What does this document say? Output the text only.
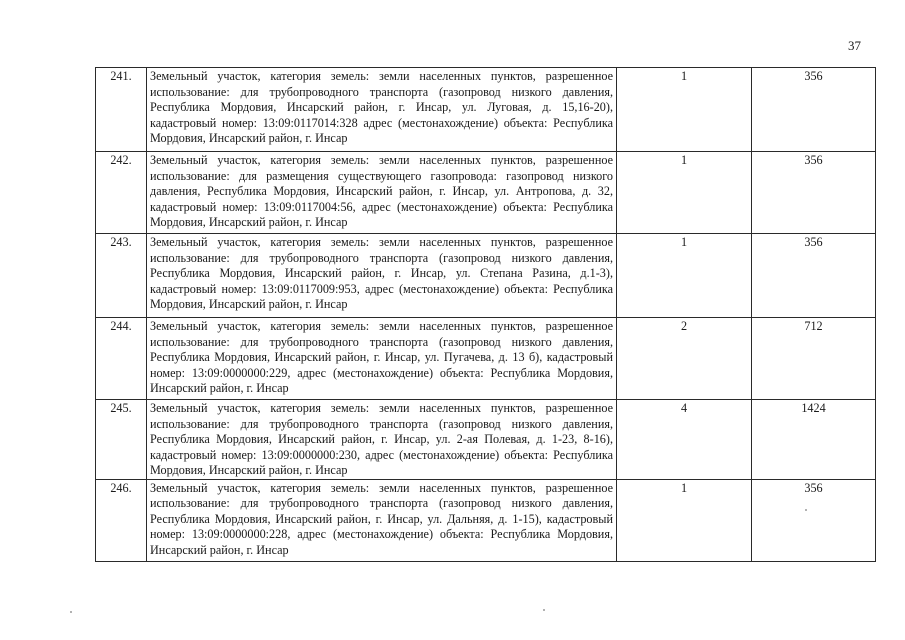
37
241.	Земельный участок, категория земель: земли населенных пунктов, разрешенное использование: для трубопроводного транспорта (газопровод низкого давления, Республика Мордовия, Инсарский район, г. Инсар, ул. Луговая, д. 15,16-20), кадастровый номер: 13:09:0117014:328 адрес (местонахождение) объекта: Республика Мордовия, Инсарский район, г. Инсар	1	356
242.	Земельный участок, категория земель: земли населенных пунктов, разрешенное использование: для размещения существующего газопровода: газопровод низкого давления, Республика Мордовия, Инсарский район, г. Инсар, ул. Антропова, д. 32, кадастровый номер: 13:09:0117004:56, адрес (местонахождение) объекта: Республика Мордовия, Инсарский район, г. Инсар	1	356
243.	Земельный участок, категория земель: земли населенных пунктов, разрешенное использование: для трубопроводного транспорта (газопровод низкого давления, Республика Мордовия, Инсарский район, г. Инсар, ул. Степана Разина, д.1-3), кадастровый номер: 13:09:0117009:953, адрес (местонахождение) объекта: Республика Мордовия, Инсарский район, г. Инсар	1	356
244.	Земельный участок, категория земель: земли населенных пунктов, разрешенное использование: для трубопроводного транспорта (газопровод низкого давления, Республика Мордовия, Инсарский район, г. Инсар, ул. Пугачева, д. 13 б), кадастровый номер: 13:09:0000000:229, адрес (местонахождение) объекта: Республика Мордовия, Инсарский район, г. Инсар	2	712
245.	Земельный участок, категория земель: земли населенных пунктов, разрешенное использование: для трубопроводного транспорта (газопровод низкого давления, Республика Мордовия, Инсарский район, г. Инсар, ул. 2-ая Полевая, д. 1-23, 8-16), кадастровый номер: 13:09:0000000:230, адрес (местонахождение) объекта: Республика Мордовия, Инсарский район, г. Инсар	4	1424
246.	Земельный участок, категория земель: земли населенных пунктов, разрешенное использование: для трубопроводного транспорта (газопровод низкого давления, Республика Мордовия, Инсарский район, г. Инсар, ул. Дальняя, д. 1-15), кадастровый номер: 13:09:0000000:228, адрес (местонахождение) объекта: Республика Мордовия, Инсарский район, г. Инсар	1	356
